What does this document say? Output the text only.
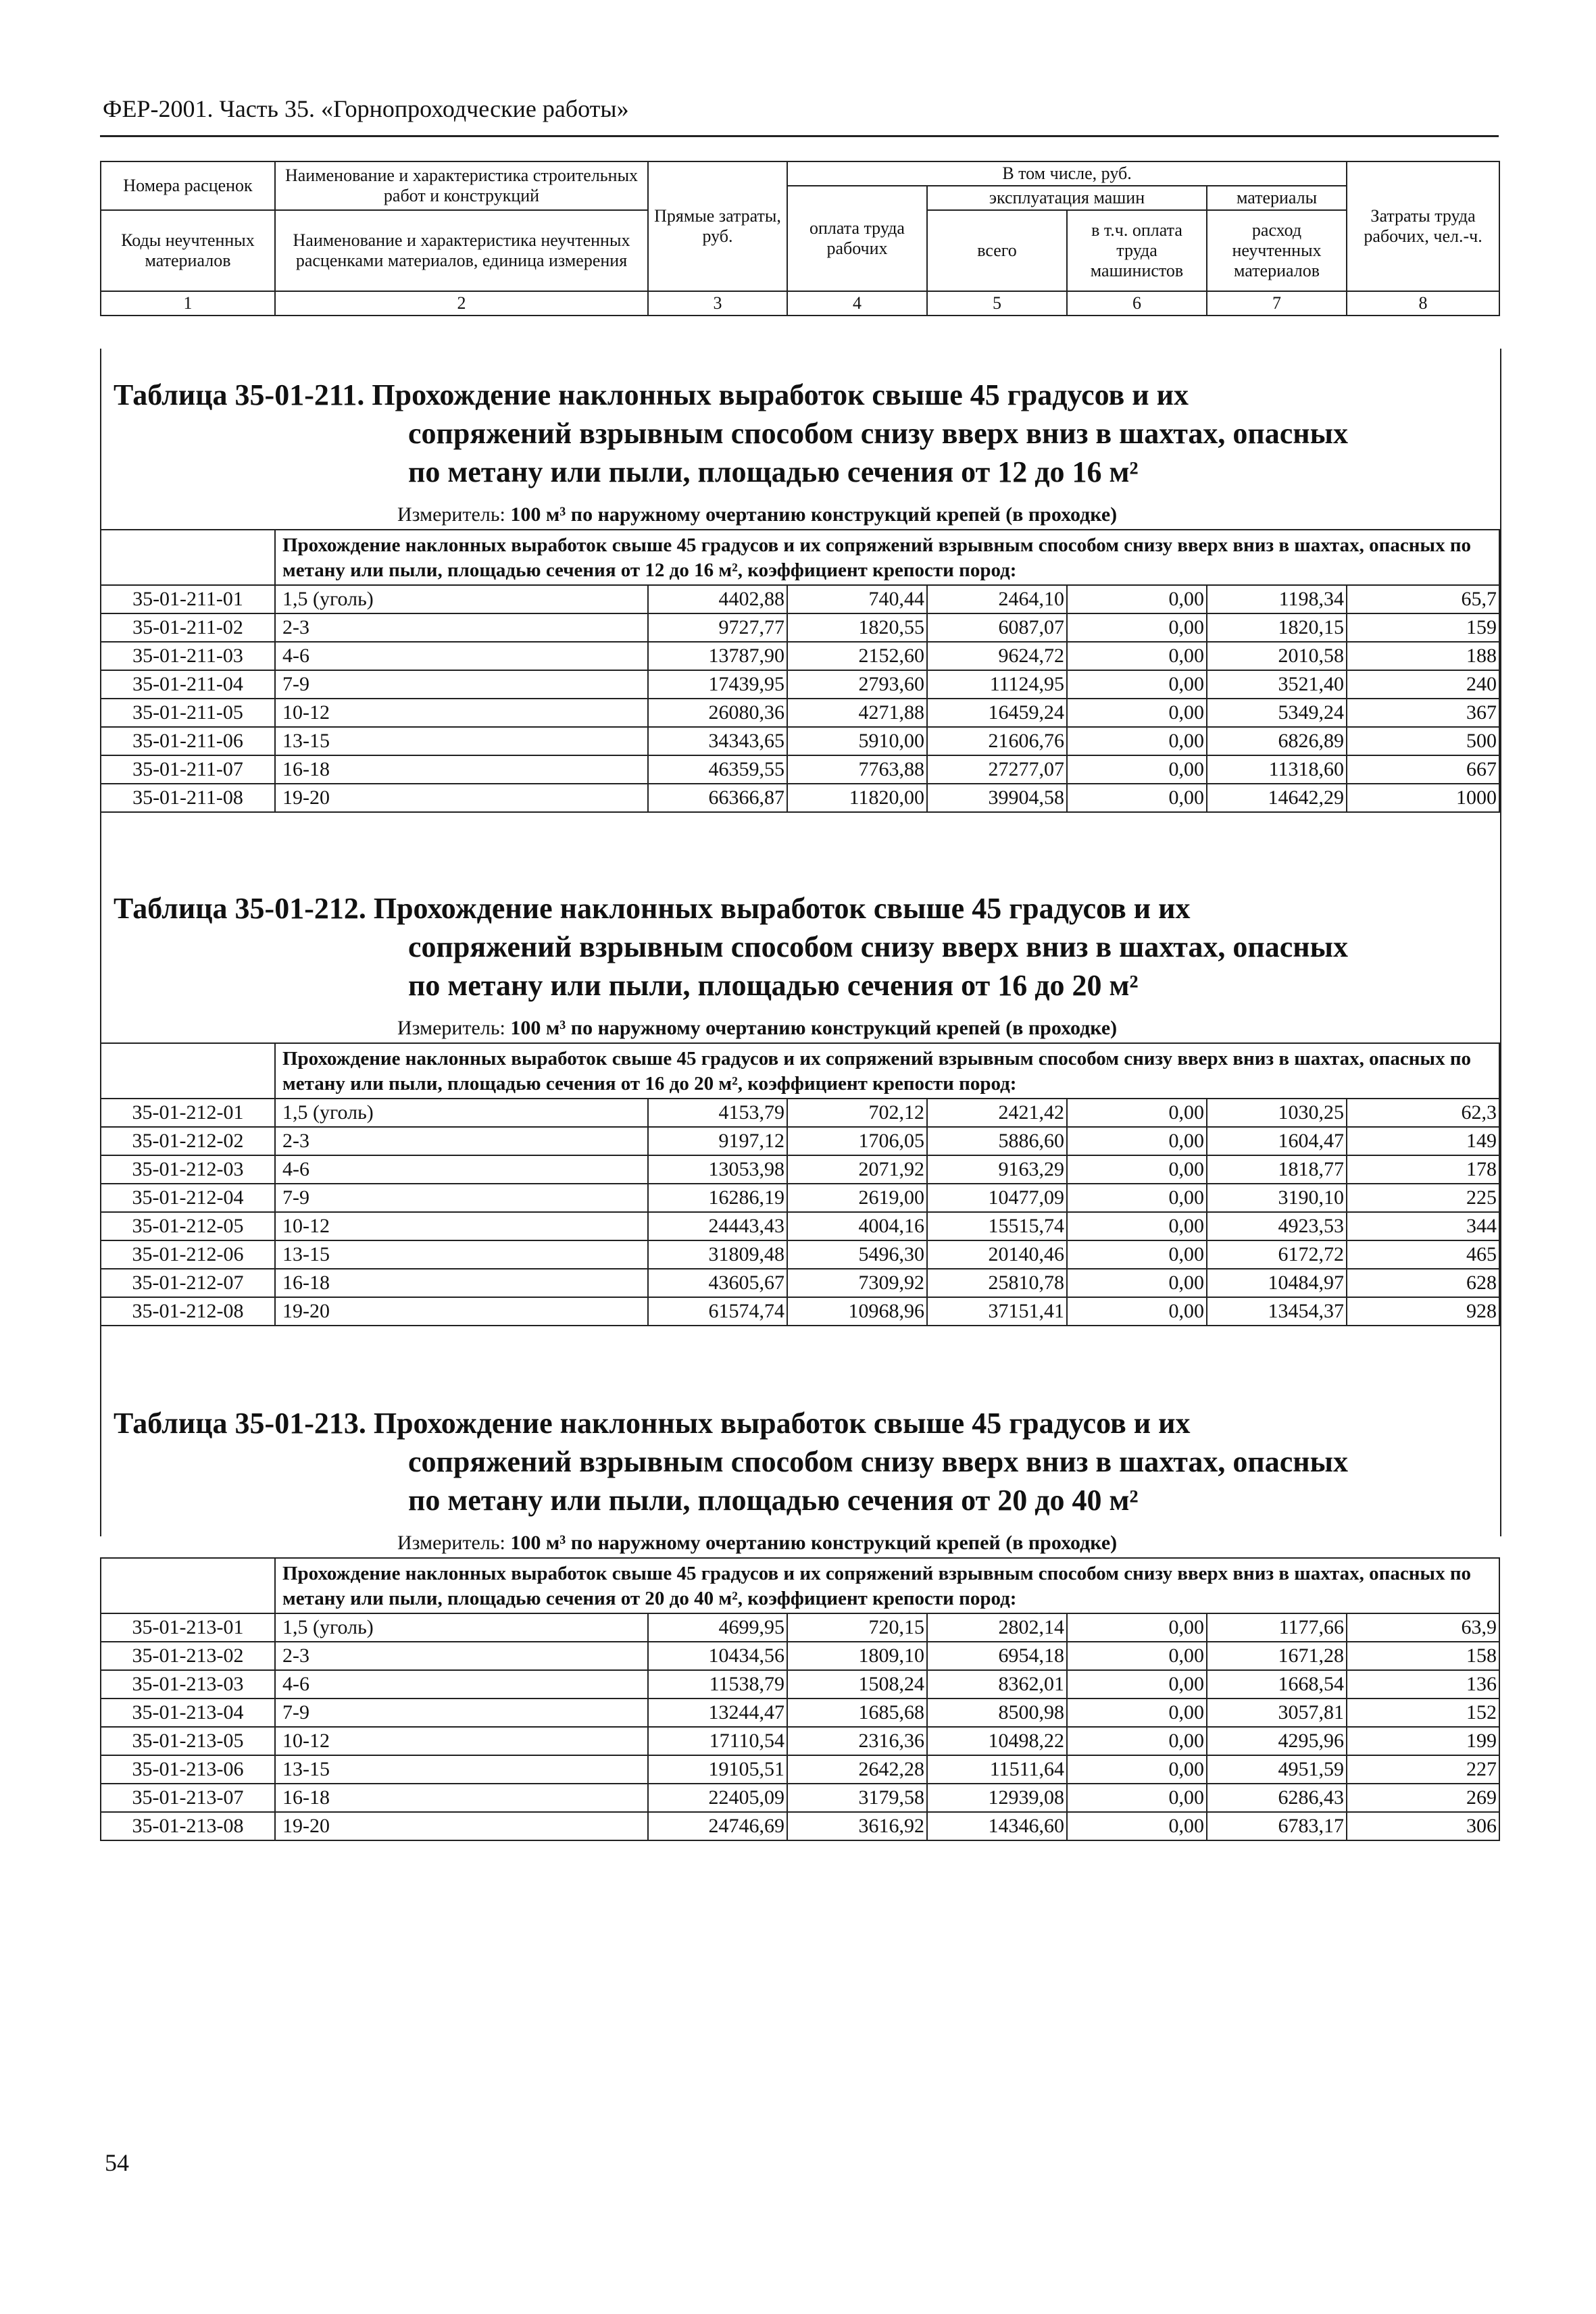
ФЕР-2001. Часть 35. «Горнопроходческие работы»
Номера расценок	Наименование и характеристика строительных работ и конструкций	Прямые затраты, руб.	В том числе, руб.				Затраты труда рабочих, чел.-ч.
			оплата труда рабочих	эксплуатация машин		материалы	
Коды неучтенных материалов	Наименование и характеристика неучтенных расценками материалов, единица измерения			всего	в т.ч. оплата труда машинистов	расход неучтенных материалов	

1	2	3	4	5	6	7	8
Таблица 35-01-211. Прохождение наклонных выработок свыше 45 градусов и их
сопряжений взрывным способом снизу вверх вниз в шахтах, опасных
по метану или пыли, площадью сечения от 12 до 16 м²
Измеритель: 100 м³ по наружному очертанию конструкций крепей (в проходке)
	Прохождение наклонных выработок свыше 45 градусов и их сопряжений взрывным способом снизу вверх вниз в шахтах, опасных по метану или пыли, площадью сечения от 12 до 16 м², коэффициент крепости пород:						
35-01-211-01	1,5 (уголь)	4402,88	740,44	2464,10	0,00	1198,34	65,7
35-01-211-02	2-3	9727,77	1820,55	6087,07	0,00	1820,15	159
35-01-211-03	4-6	13787,90	2152,60	9624,72	0,00	2010,58	188
35-01-211-04	7-9	17439,95	2793,60	11124,95	0,00	3521,40	240
35-01-211-05	10-12	26080,36	4271,88	16459,24	0,00	5349,24	367
35-01-211-06	13-15	34343,65	5910,00	21606,76	0,00	6826,89	500
35-01-211-07	16-18	46359,55	7763,88	27277,07	0,00	11318,60	667
35-01-211-08	19-20	66366,87	11820,00	39904,58	0,00	14642,29	1000
Таблица 35-01-212. Прохождение наклонных выработок свыше 45 градусов и их
сопряжений взрывным способом снизу вверх вниз в шахтах, опасных
по метану или пыли, площадью сечения от 16 до 20 м²
Измеритель: 100 м³ по наружному очертанию конструкций крепей (в проходке)
	Прохождение наклонных выработок свыше 45 градусов и их сопряжений взрывным способом снизу вверх вниз в шахтах, опасных по метану или пыли, площадью сечения от 16 до 20 м², коэффициент крепости пород:						
35-01-212-01	1,5 (уголь)	4153,79	702,12	2421,42	0,00	1030,25	62,3
35-01-212-02	2-3	9197,12	1706,05	5886,60	0,00	1604,47	149
35-01-212-03	4-6	13053,98	2071,92	9163,29	0,00	1818,77	178
35-01-212-04	7-9	16286,19	2619,00	10477,09	0,00	3190,10	225
35-01-212-05	10-12	24443,43	4004,16	15515,74	0,00	4923,53	344
35-01-212-06	13-15	31809,48	5496,30	20140,46	0,00	6172,72	465
35-01-212-07	16-18	43605,67	7309,92	25810,78	0,00	10484,97	628
35-01-212-08	19-20	61574,74	10968,96	37151,41	0,00	13454,37	928
Таблица 35-01-213. Прохождение наклонных выработок свыше 45 градусов и их
сопряжений взрывным способом снизу вверх вниз в шахтах, опасных
по метану или пыли, площадью сечения от 20 до 40 м²
Измеритель: 100 м³ по наружному очертанию конструкций крепей (в проходке)
	Прохождение наклонных выработок свыше 45 градусов и их сопряжений взрывным способом снизу вверх вниз в шахтах, опасных по метану или пыли, площадью сечения от 20 до 40 м², коэффициент крепости пород:						
35-01-213-01	1,5 (уголь)	4699,95	720,15	2802,14	0,00	1177,66	63,9
35-01-213-02	2-3	10434,56	1809,10	6954,18	0,00	1671,28	158
35-01-213-03	4-6	11538,79	1508,24	8362,01	0,00	1668,54	136
35-01-213-04	7-9	13244,47	1685,68	8500,98	0,00	3057,81	152
35-01-213-05	10-12	17110,54	2316,36	10498,22	0,00	4295,96	199
35-01-213-06	13-15	19105,51	2642,28	11511,64	0,00	4951,59	227
35-01-213-07	16-18	22405,09	3179,58	12939,08	0,00	6286,43	269
35-01-213-08	19-20	24746,69	3616,92	14346,60	0,00	6783,17	306
54
